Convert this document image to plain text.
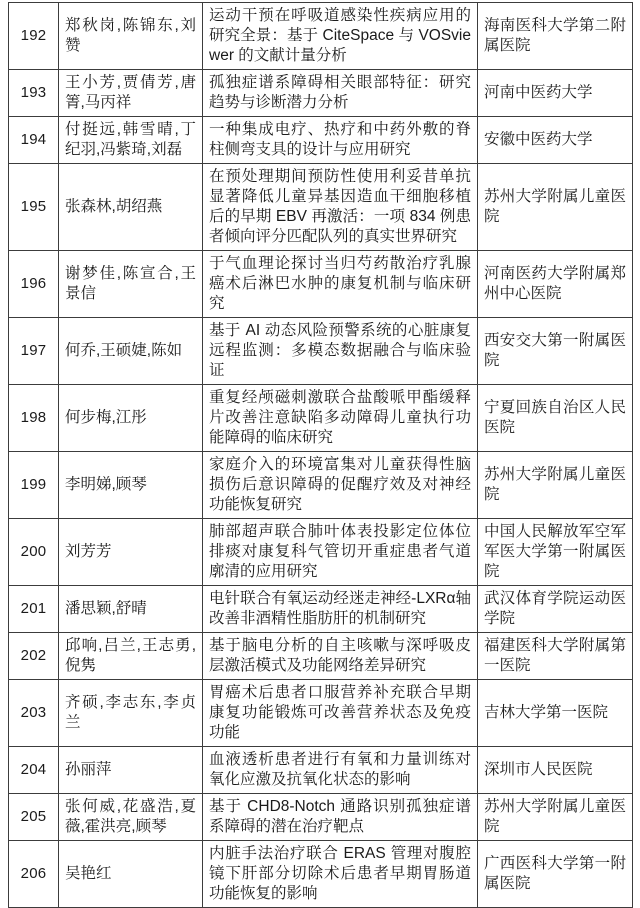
192	郑秋岗,陈锦东,刘赞	运动干预在呼吸道感染性疾病应用的研究全景：基于 CiteSpace 与 VOSviewer 的文献计量分析	海南医科大学第二附属医院
193	王小芳,贾倩芳,唐箐,马丙祥	孤独症谱系障碍相关眼部特征：研究趋势与诊断潜力分析	河南中医药大学
194	付挺远,韩雪晴,丁纪羽,冯紫琦,刘磊	一种集成电疗、热疗和中药外敷的脊柱侧弯支具的设计与应用研究	安徽中医药大学
195	张森林,胡绍燕	在预处理期间预防性使用利妥昔单抗显著降低儿童异基因造血干细胞移植后的早期 EBV 再激活：一项 834 例患者倾向评分匹配队列的真实世界研究	苏州大学附属儿童医院
196	谢梦佳,陈宣合,王景信	于气血理论探讨当归芍药散治疗乳腺癌术后淋巴水肿的康复机制与临床研究	河南医药大学附属郑州中心医院
197	何乔,王硕婕,陈如	基于 AI 动态风险预警系统的心脏康复远程监测：多模态数据融合与临床验证	西安交大第一附属医院
198	何步梅,江彤	重复经颅磁刺激联合盐酸哌甲酯缓释片改善注意缺陷多动障碍儿童执行功能障碍的临床研究	宁夏回族自治区人民医院
199	李明娣,顾琴	家庭介入的环境富集对儿童获得性脑损伤后意识障碍的促醒疗效及对神经功能恢复研究	苏州大学附属儿童医院
200	刘芳芳	肺部超声联合肺叶体表投影定位体位排痰对康复科气管切开重症患者气道廓清的应用研究	中国人民解放军空军军医大学第一附属医院
201	潘思颖,舒晴	电针联合有氧运动经迷走神经-LXRα轴改善非酒精性脂肪肝的机制研究	武汉体育学院运动医学院
202	邱响,吕兰,王志勇,倪隽	基于脑电分析的自主咳嗽与深呼吸皮层激活模式及功能网络差异研究	福建医科大学附属第一医院
203	齐硕,李志东,李贞兰	胃癌术后患者口服营养补充联合早期康复功能锻炼可改善营养状态及免疫功能	吉林大学第一医院
204	孙丽萍	血液透析患者进行有氧和力量训练对氧化应激及抗氧化状态的影响	深圳市人民医院
205	张何威,花盛浩,夏薇,霍洪亮,顾琴	基于 CHD8-Notch 通路识别孤独症谱系障碍的潜在治疗靶点	苏州大学附属儿童医院
206	吴艳红	内脏手法治疗联合 ERAS 管理对腹腔镜下肝部分切除术后患者早期胃肠道功能恢复的影响	广西医科大学第一附属医院
